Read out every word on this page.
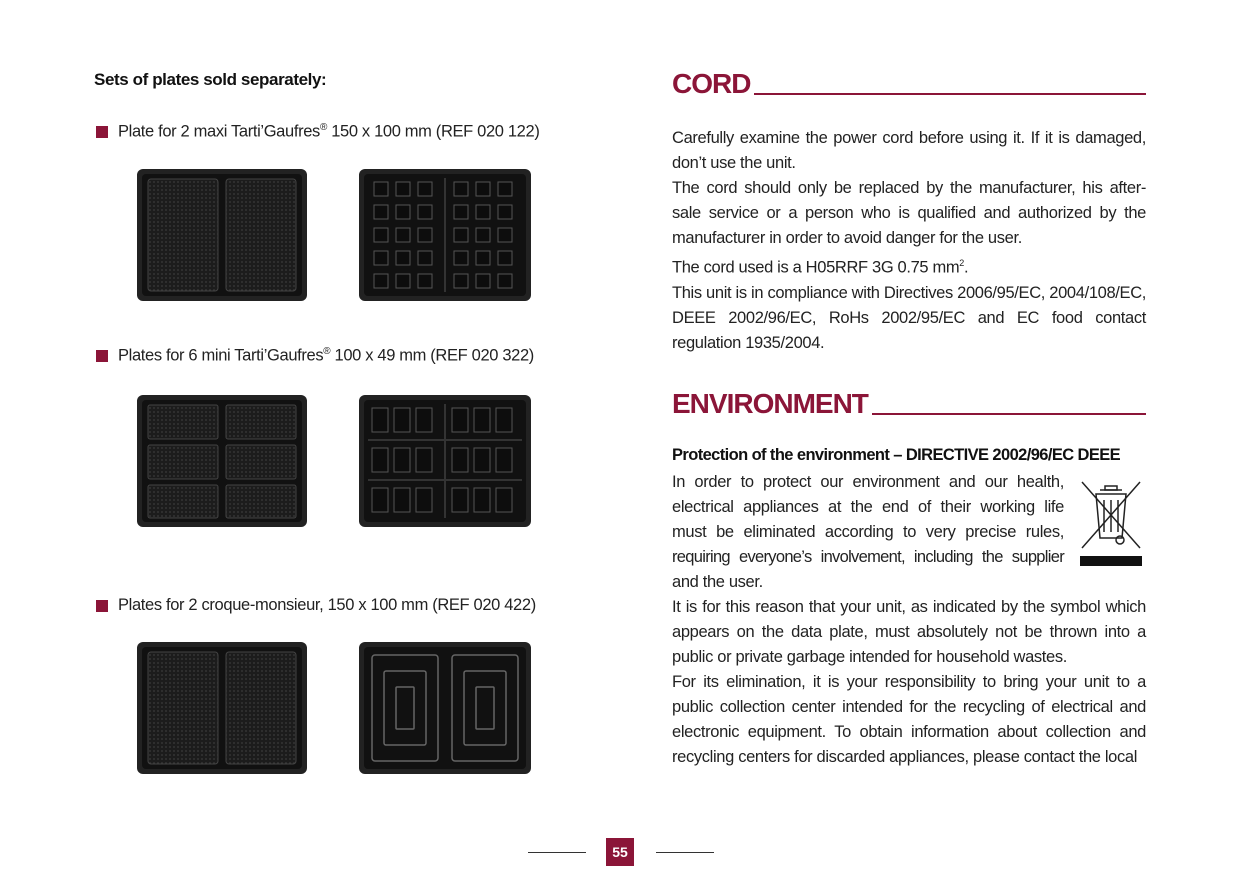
Sets of plates sold separately:
Plate for 2 maxi Tarti’Gaufres® 150 x 100 mm (REF 020 122)
Plates for 6 mini Tarti’Gaufres® 100 x 49 mm (REF 020 322)
Plates for 2 croque-monsieur, 150 x 100 mm (REF 020 422)
CORD

Carefully examine the power cord before using it. If it is damaged, don’t use the unit.

The cord should only be replaced by the manufacturer, his after-sale service or a person who is qualified and authorized by the manufacturer in order to avoid danger for the user.

The cord used is a H05RRF 3G 0.75 $mm^2$.

This unit is in compliance with Directives 2006/95/EC, 2004/108/EC, DEEE 2002/96/EC, RoHs 2002/95/EC and EC food contact regulation 1935/2004.

ENVIRONMENT
Protection of the environment – DIRECTIVE 2002/96/EC DEEE

In order to protect our environment and our health,

electrical appliances at the end of their working life

must be eliminated according to very precise rules,

requiring everyone’s involvement, including the supplier

and the user.

It is for this reason that your unit, as indicated by the symbol which appears on the data plate, must absolutely not be thrown into a public or private garbage intended for household wastes.

For its elimination, it is your responsibility to bring your unit to a public collection center intended for the recycling of electrical and electronic equipment. To obtain information about collection and recycling centers for discarded appliances, please contact the local

55
